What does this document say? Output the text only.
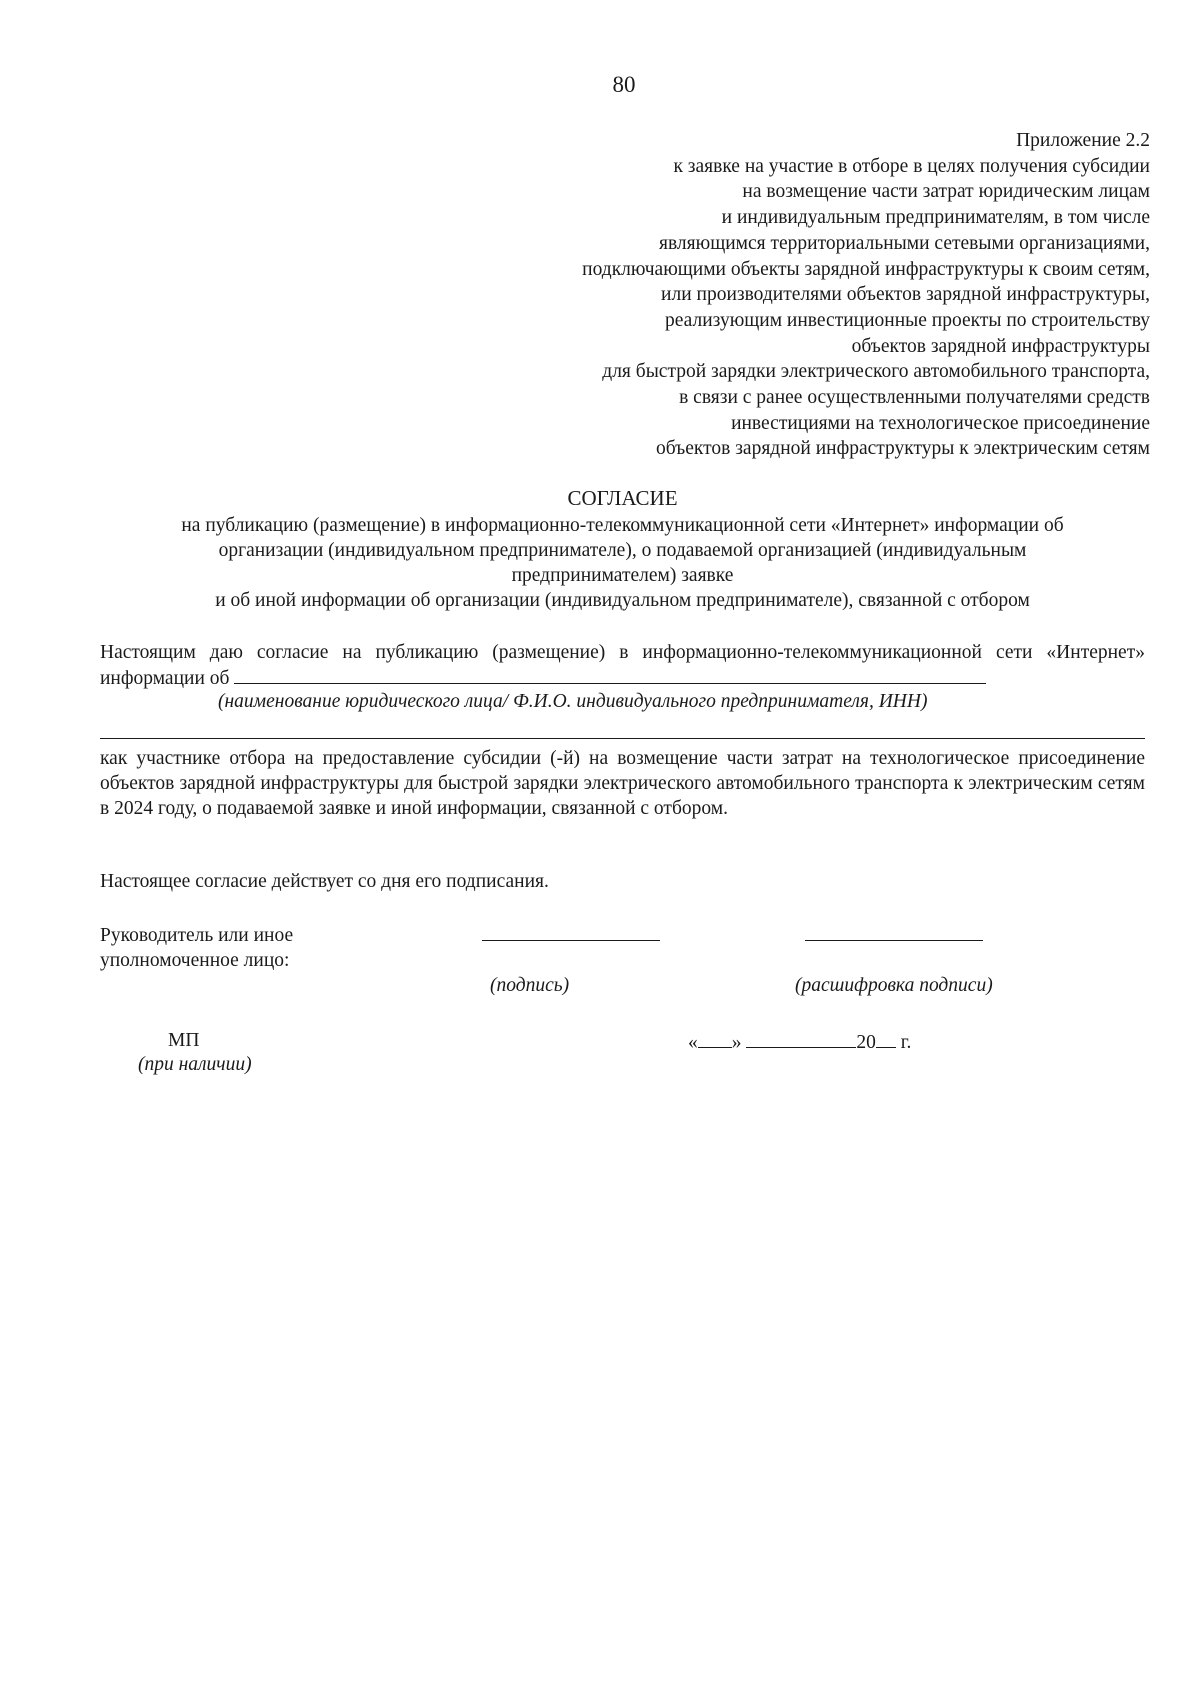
80
Приложение 2.2
к заявке на участие в отборе в целях получения субсидии
на возмещение части затрат юридическим лицам
и индивидуальным предпринимателям, в том числе
являющимся территориальными сетевыми организациями,
подключающими объекты зарядной инфраструктуры к своим сетям,
или производителями объектов зарядной инфраструктуры,
реализующим инвестиционные проекты по строительству
объектов зарядной инфраструктуры
для быстрой зарядки электрического автомобильного транспорта,
в связи с ранее осуществленными получателями средств
инвестициями на технологическое присоединение
объектов зарядной инфраструктуры к электрическим сетям
СОГЛАСИЕ
на публикацию (размещение) в информационно-телекоммуникационной сети «Интернет» информации об
организации (индивидуальном предпринимателе), о подаваемой организацией (индивидуальным
предпринимателем) заявке
и об иной информации об организации (индивидуальном предпринимателе), связанной с отбором
Настоящим даю согласие на публикацию (размещение) в информационно-телекоммуникационной сети «Интернет» информации об
(наименование юридического лица/ Ф.И.О. индивидуального предпринимателя, ИНН)
как участнике отбора на предоставление субсидии (-й) на возмещение части затрат на технологическое присоединение объектов зарядной инфраструктуры для быстрой зарядки электрического автомобильного транспорта к электрическим сетям в 2024 году, о подаваемой заявке и иной информации, связанной с отбором.
Настоящее согласие действует со дня его подписания.
Руководитель или иное
уполномоченное лицо:
(подпись)	(расшифровка подписи)
МП
(при наличии)
« »	20 г.
